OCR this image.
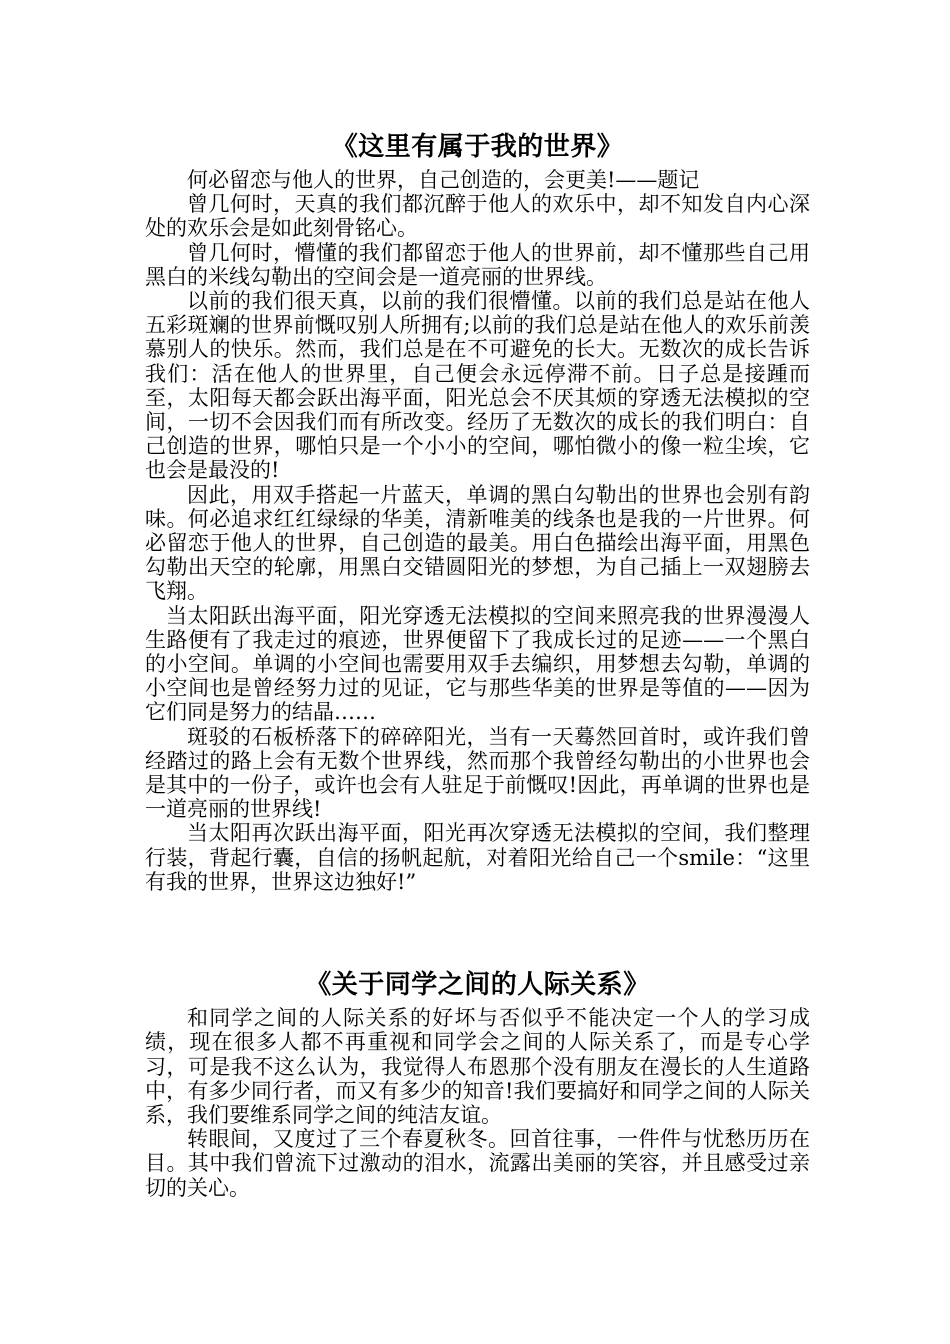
《这里有属于我的世界》

何必留恋与他人的世界，自己创造的，会更美!——题记

曾几何时，天真的我们都沉醉于他人的欢乐中，却不知发自内心深处的欢乐会是如此刻骨铭心。

曾几何时，懵懂的我们都留恋于他人的世界前，却不懂那些自己用黑白的米线勾勒出的空间会是一道亮丽的世界线。

以前的我们很天真，以前的我们很懵懂。以前的我们总是站在他人五彩斑斓的世界前慨叹别人所拥有;以前的我们总是站在他人的欢乐前羡慕别人的快乐。然而，我们总是在不可避免的长大。无数次的成长告诉我们：活在他人的世界里，自己便会永远停滞不前。日子总是接踵而至，太阳每天都会跃出海平面，阳光总会不厌其烦的穿透无法模拟的空间，一切不会因我们而有所改变。经历了无数次的成长的我们明白：自己创造的世界，哪怕只是一个小小的空间，哪怕微小的像一粒尘埃，它也会是最没的!

因此，用双手搭起一片蓝天，单调的黑白勾勒出的世界也会别有韵味。何必追求红红绿绿的华美，清新唯美的线条也是我的一片世界。何必留恋于他人的世界，自己创造的最美。用白色描绘出海平面，用黑色勾勒出天空的轮廓，用黑白交错圆阳光的梦想，为自己插上一双翅膀去飞翔。

当太阳跃出海平面，阳光穿透无法模拟的空间来照亮我的世界漫漫人生路便有了我走过的痕迹，世界便留下了我成长过的足迹——一个黑白的小空间。单调的小空间也需要用双手去编织，用梦想去勾勒，单调的小空间也是曾经努力过的见证，它与那些华美的世界是等值的——因为它们同是努力的结晶……

斑驳的石板桥落下的碎碎阳光，当有一天蓦然回首时，或许我们曾经踏过的路上会有无数个世界线，然而那个我曾经勾勒出的小世界也会是其中的一份子，或许也会有人驻足于前慨叹!因此，再单调的世界也是一道亮丽的世界线!

当太阳再次跃出海平面，阳光再次穿透无法模拟的空间，我们整理行装，背起行囊，自信的扬帆起航，对着阳光给自己一个smile：“这里有我的世界，世界这边独好!”

《关于同学之间的人际关系》

和同学之间的人际关系的好坏与否似乎不能决定一个人的学习成绩，现在很多人都不再重视和同学会之间的人际关系了，而是专心学习，可是我不这么认为，我觉得人布恩那个没有朋友在漫长的人生道路中，有多少同行者，而又有多少的知音!我们要搞好和同学之间的人际关系，我们要维系同学之间的纯洁友谊。

转眼间，又度过了三个春夏秋冬。回首往事，一件件与忧愁历历在目。其中我们曾流下过激动的泪水，流露出美丽的笑容，并且感受过亲切的关心。
